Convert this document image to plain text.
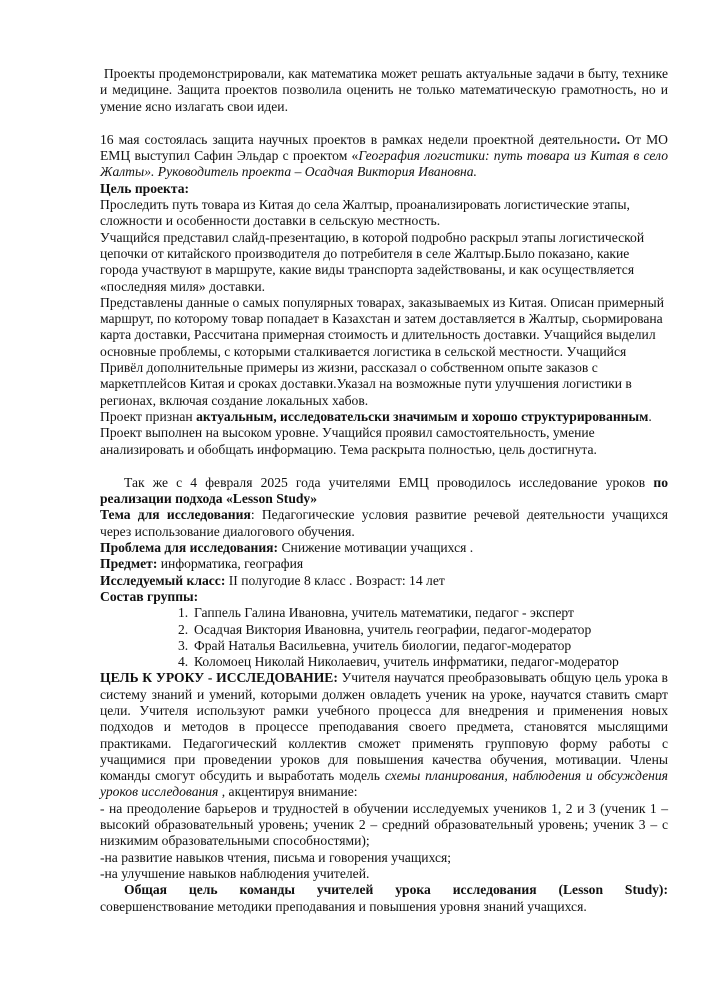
Проекты продемонстрировали, как математика может решать актуальные задачи в быту, технике и медицине. Защита проектов позволила оценить не только математическую грамотность, но и умение ясно излагать свои идеи.

16 мая состоялась защита научных проектов в рамках недели проектной деятельности. От МО ЕМЦ выступил Сафин Эльдар с проектом «География логистики: путь товара из Китая в село Жалты». Руководитель проекта – Осадчая Виктория Ивановна.

Цель проекта:

Проследить путь товара из Китая до села Жалтыр, проанализировать логистические этапы, сложности и особенности доставки в сельскую местность.

Учащийся представил слайд-презентацию, в которой подробно раскрыл этапы логистической цепочки от китайского производителя до потребителя в селе Жалтыр.Было показано, какие города участвуют в маршруте, какие виды транспорта задействованы, и как осуществляется «последняя миля» доставки.

Представлены данные о самых популярных товарах, заказываемых из Китая. Описан примерный маршрут, по которому товар попадает в Казахстан и затем доставляется в Жалтыр, сьормирована карта доставки, Рассчитана примерная стоимость и длительность доставки. Учащийся выделил основные проблемы, с которыми сталкивается логистика в сельской местности. Учащийся Привёл дополнительные примеры из жизни, рассказал о собственном опыте заказов с маркетплейсов Китая и сроках доставки.Указал на возможные пути улучшения логистики в регионах, включая создание локальных хабов.

Проект признан актуальным, исследовательски значимым и хорошо структурированным. Проект выполнен на высоком уровне. Учащийся проявил самостоятельность, умение анализировать и обобщать информацию. Тема раскрыта полностью, цель достигнута.

Так же с 4 февраля 2025 года учителями ЕМЦ проводилось исследование уроков по реализации подхода «Lesson Study»

Тема для исследования: Педагогические условия развитие речевой деятельности учащихся через использование диалогового обучения.

Проблема для исследования: Снижение мотивации учащихся .

Предмет: информатика, география

Исследуемый класс: II полугодие 8 класс . Возраст: 14 лет

Состав группы:

1. Гаппель Галина Ивановна, учитель математики, педагог - эксперт
2. Осадчая Виктория Ивановна, учитель географии, педагог-модератор
3. Фрай Наталья Васильевна, учитель биологии, педагог-модератор
4. Коломоец Николай Николаевич, учитель инфрматики, педагог-модератор

ЦЕЛЬ К УРОКУ - ИССЛЕДОВАНИЕ: Учителя научатся преобразовывать общую цель урока в систему знаний и умений, которыми должен овладеть ученик на уроке, научатся ставить смарт цели. Учителя используют рамки учебного процесса для внедрения и применения новых подходов и методов в процессе преподавания своего предмета, становятся мыслящими практиками. Педагогический коллектив сможет применять групповую форму работы с учащимися при проведении уроков для повышения качества обучения, мотивации. Члены команды смогут обсудить и выработать модель схемы планирования, наблюдения и обсуждения уроков исследования , акцентируя внимание:

- на преодоление барьеров и трудностей в обучении исследуемых учеников 1, 2 и 3 (ученик 1 – высокий образовательный уровень; ученик 2 – средний образовательный уровень; ученик 3 – с низкимим образовательными способностями);

-на развитие навыков чтения, письма и говорения учащихся;

-на улучшение навыков наблюдения учителей.

Общая цель команды учителей урока исследования (Lesson Study):

совершенствование методики преподавания и повышения уровня знаний учащихся.
